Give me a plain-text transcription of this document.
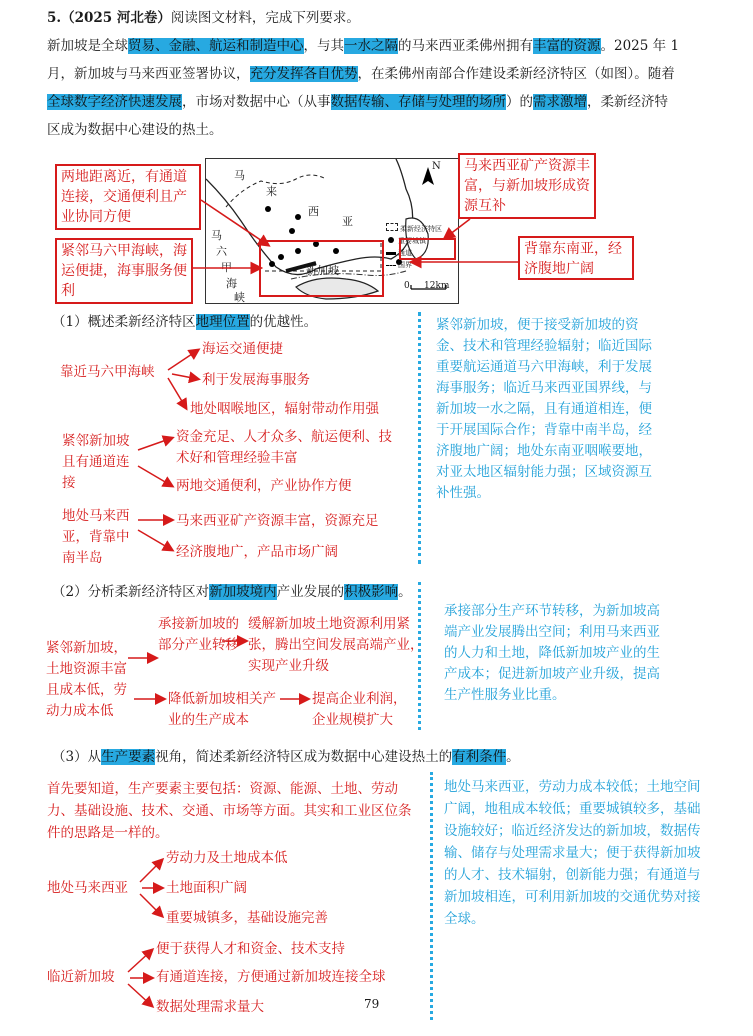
5.（2025 河北卷）阅读图文材料，完成下列要求。
新加坡是全球贸易、金融、航运和制造中心，与其一水之隔的马来西亚柔佛州拥有丰富的资源。2025 年 1
月，新加坡与马来西亚签署协议，充分发挥各自优势，在柔佛州南部合作建设柔新经济特区（如图）。随着
全球数字经济快速发展，市场对数据中心（从事数据传输、存储与处理的场所）的需求激增，柔新经济特
区成为数据中心建设的热土。
N
马
来
西
亚
马
六
甲
海
峡
新加坡
柔新经济特区
重要城镇
通道
国界
0 12km
两地距离近，有通道连接，交通便利且产业协同方便
紧邻马六甲海峡，海运便捷，海事服务便利
马来西亚矿产资源丰富，与新加坡形成资源互补
背靠东南亚，经济腹地广阔
（1）概述柔新经济特区地理位置的优越性。
靠近马六甲海峡
海运交通便捷
利于发展海事服务
地处咽喉地区，辐射带动作用强
紧邻新加坡且有通道连接
资金充足、人才众多、航运便利、技术好和管理经验丰富
两地交通便利，产业协作方便
地处马来西亚，背靠中南半岛
马来西亚矿产资源丰富，资源充足
经济腹地广，产品市场广阔
紧邻新加坡，便于接受新加坡的资金、技术和管理经验辐射；临近国际重要航运通道马六甲海峡，利于发展海事服务；临近马来西亚国界线，与新加坡一水之隔，且有通道相连，便于开展国际合作；背靠中南半岛，经济腹地广阔；地处东南亚咽喉要地，对亚太地区辐射能力强；区域资源互补性强。
（2）分析柔新经济特区对新加坡境内产业发展的积极影响。
紧邻新加坡，土地资源丰富且成本低，劳动力成本低
承接新加坡的部分产业转移
缓解新加坡土地资源利用紧张，腾出空间发展高端产业，实现产业升级
降低新加坡相关产业的生产成本
提高企业利润，企业规模扩大
承接部分生产环节转移，为新加坡高端产业发展腾出空间；利用马来西亚的人力和土地，降低新加坡产业的生产成本；促进新加坡产业升级，提高生产性服务业比重。
（3）从生产要素视角，简述柔新经济特区成为数据中心建设热土的有利条件。
首先要知道，生产要素主要包括：资源、能源、土地、劳动力、基础设施、技术、交通、市场等方面。其实和工业区位条件的思路是一样的。
地处马来西亚
劳动力及土地成本低
土地面积广阔
重要城镇多，基础设施完善
临近新加坡
便于获得人才和资金、技术支持
有通道连接，方便通过新加坡连接全球
数据处理需求量大
地处马来西亚，劳动力成本较低；土地空间广阔，地租成本较低；重要城镇较多，基础设施较好；临近经济发达的新加坡，数据传输、储存与处理需求量大；便于获得新加坡的人才、技术辐射，创新能力强；有通道与新加坡相连，可利用新加坡的交通优势对接全球。
79
